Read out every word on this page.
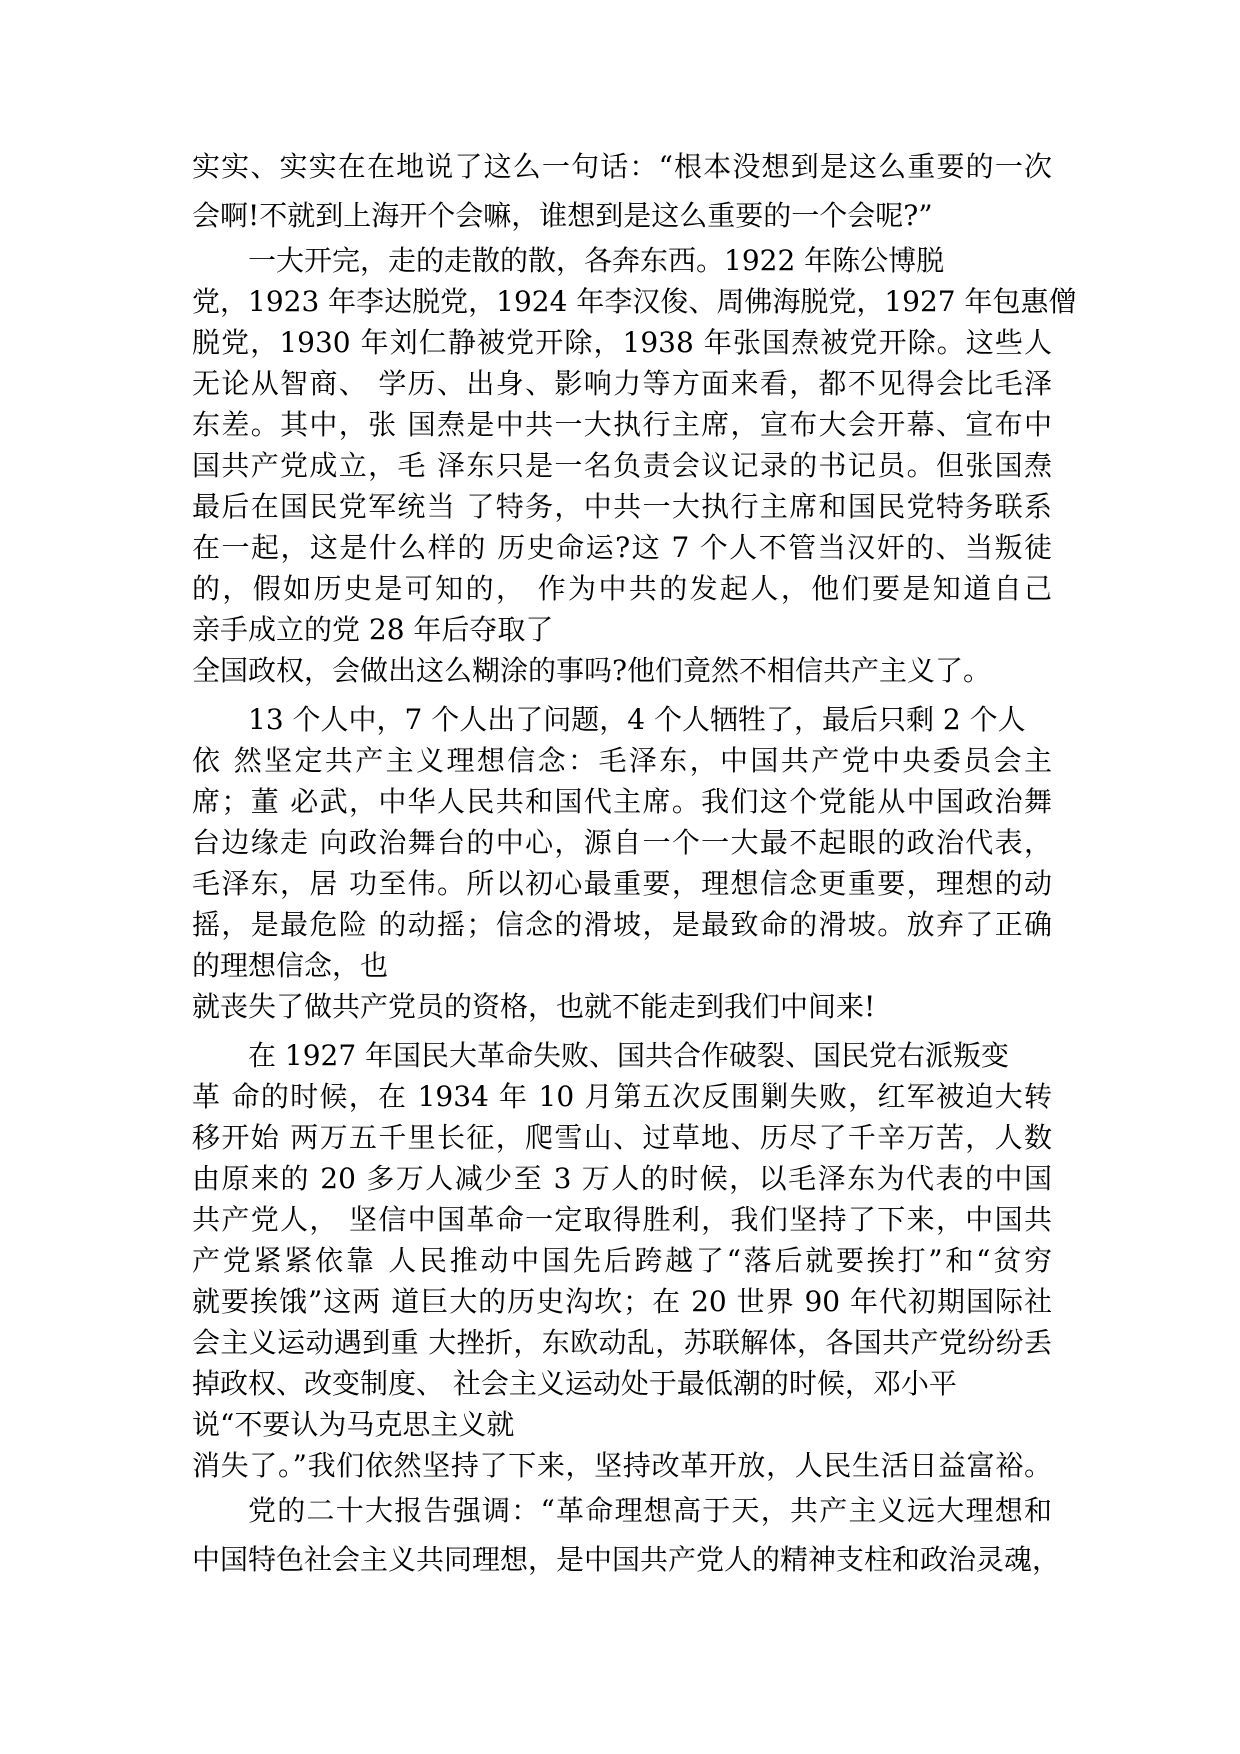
实实、实实在在地说了这么一句话：“根本没想到是这么重要的一次
会啊!不就到上海开个会嘛，谁想到是这么重要的一个会呢?”
一大开完，走的走散的散，各奔东西。1922 年陈公博脱
党，1923 年李达脱党，1924 年李汉俊、周佛海脱党，1927 年包惠僧
脱党，1930 年刘仁静被党开除，1938 年张国焘被党开除。这些人
无论从智商、 学历、出身、影响力等方面来看，都不见得会比毛泽
东差。其中，张 国焘是中共一大执行主席，宣布大会开幕、宣布中
国共产党成立，毛 泽东只是一名负责会议记录的书记员。但张国焘
最后在国民党军统当 了特务，中共一大执行主席和国民党特务联系
在一起，这是什么样的 历史命运?这 7 个人不管当汉奸的、当叛徒
的，假如历史是可知的， 作为中共的发起人，他们要是知道自己
亲手成立的党 28 年后夺取了
全国政权，会做出这么糊涂的事吗?他们竟然不相信共产主义了。
13 个人中，7 个人出了问题，4 个人牺牲了，最后只剩 2 个人
依 然坚定共产主义理想信念：毛泽东，中国共产党中央委员会主
席；董 必武，中华人民共和国代主席。我们这个党能从中国政治舞
台边缘走 向政治舞台的中心，源自一个一大最不起眼的政治代表，
毛泽东，居 功至伟。所以初心最重要，理想信念更重要，理想的动
摇，是最危险 的动摇；信念的滑坡，是最致命的滑坡。放弃了正确
的理想信念，也
就丧失了做共产党员的资格，也就不能走到我们中间来!
在 1927 年国民大革命失败、国共合作破裂、国民党右派叛变
革 命的时候，在 1934 年 10 月第五次反围剿失败，红军被迫大转
移开始 两万五千里长征，爬雪山、过草地、历尽了千辛万苦，人数
由原来的 20 多万人减少至 3 万人的时候，以毛泽东为代表的中国
共产党人， 坚信中国革命一定取得胜利，我们坚持了下来，中国共
产党紧紧依靠 人民推动中国先后跨越了“落后就要挨打”和“贫穷
就要挨饿”这两 道巨大的历史沟坎；在 20 世界 90 年代初期国际社
会主义运动遇到重 大挫折，东欧动乱，苏联解体，各国共产党纷纷丢
掉政权、改变制度、 社会主义运动处于最低潮的时候，邓小平
说“不要认为马克思主义就
消失了。”我们依然坚持了下来，坚持改革开放，人民生活日益富裕。
党的二十大报告强调：“革命理想高于天，共产主义远大理想和
中国特色社会主义共同理想，是中国共产党人的精神支柱和政治灵魂，
